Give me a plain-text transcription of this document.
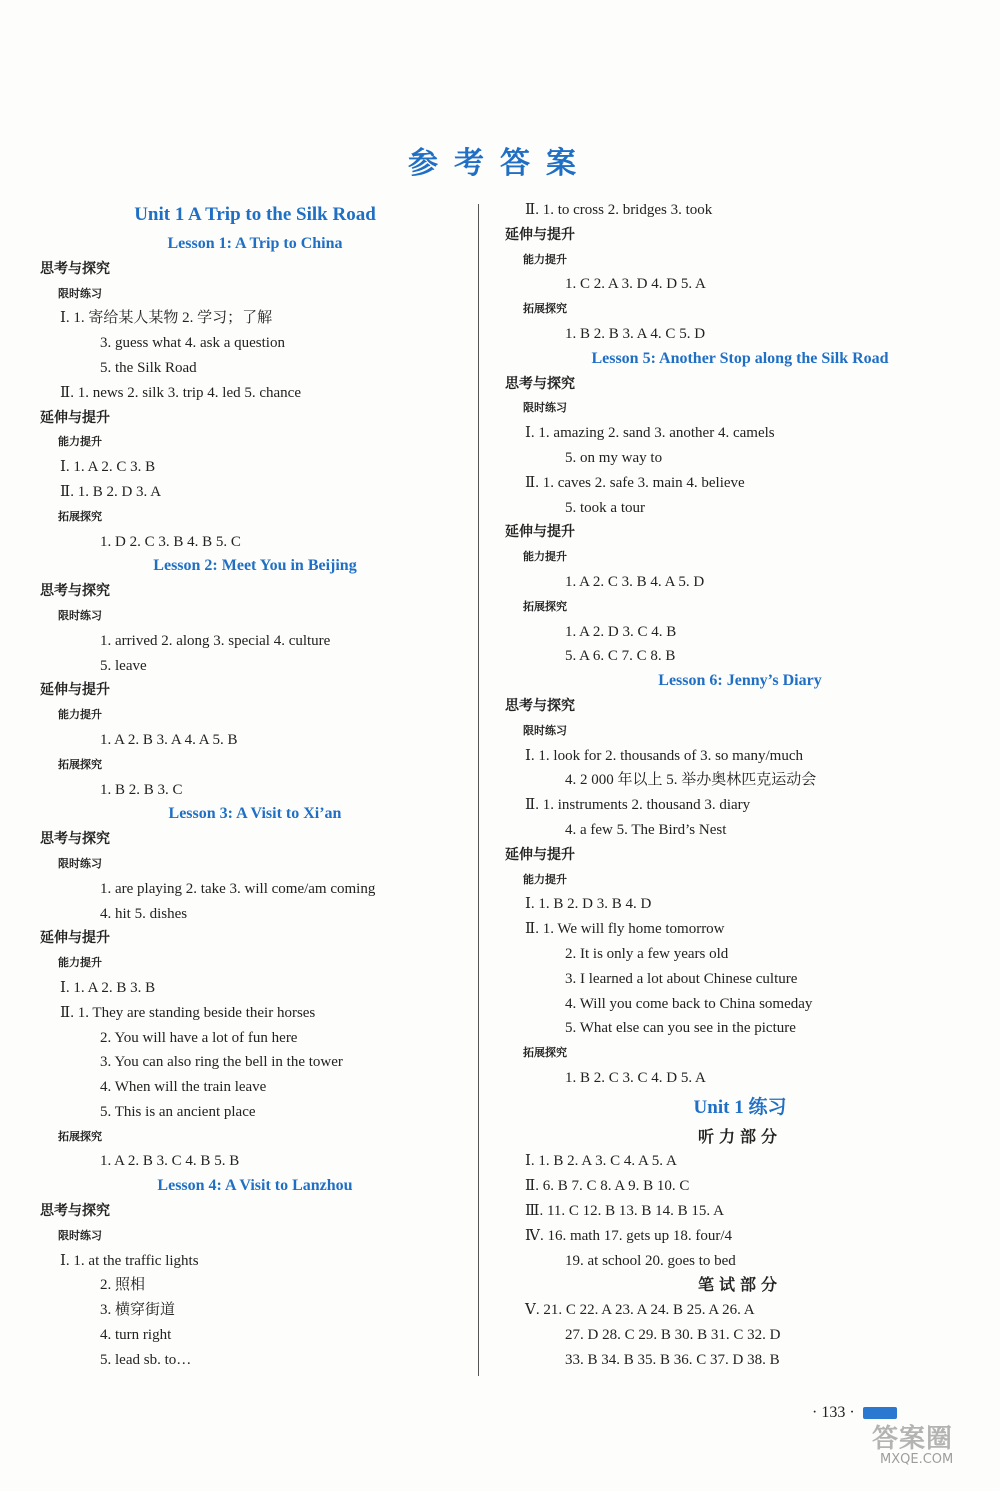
参考答案
Unit 1 A Trip to the Silk Road
Lesson 1: A Trip to China
思考与探究
限时练习
Ⅰ. 1. 寄给某人某物 2. 学习；了解
3. guess what 4. ask a question
5. the Silk Road
Ⅱ. 1. news 2. silk 3. trip 4. led 5. chance
延伸与提升
能力提升
Ⅰ. 1. A 2. C 3. B
Ⅱ. 1. B 2. D 3. A
拓展探究
1. D 2. C 3. B 4. B 5. C
Lesson 2: Meet You in Beijing
思考与探究
限时练习
1. arrived 2. along 3. special 4. culture
5. leave
延伸与提升
能力提升
1. A 2. B 3. A 4. A 5. B
拓展探究
1. B 2. B 3. C
Lesson 3: A Visit to Xi’an
思考与探究
限时练习
1. are playing 2. take 3. will come/am coming
4. hit 5. dishes
延伸与提升
能力提升
Ⅰ. 1. A 2. B 3. B
Ⅱ. 1. They are standing beside their horses
2. You will have a lot of fun here
3. You can also ring the bell in the tower
4. When will the train leave
5. This is an ancient place
拓展探究
1. A 2. B 3. C 4. B 5. B
Lesson 4: A Visit to Lanzhou
思考与探究
限时练习
Ⅰ. 1. at the traffic lights
2. 照相
3. 横穿街道
4. turn right
5. lead sb. to…
Ⅱ. 1. to cross 2. bridges 3. took
延伸与提升
能力提升
1. C 2. A 3. D 4. D 5. A
拓展探究
1. B 2. B 3. A 4. C 5. D
Lesson 5: Another Stop along the Silk Road
思考与探究
限时练习
Ⅰ. 1. amazing 2. sand 3. another 4. camels
5. on my way to
Ⅱ. 1. caves 2. safe 3. main 4. believe
5. took a tour
延伸与提升
能力提升
1. A 2. C 3. B 4. A 5. D
拓展探究
1. A 2. D 3. C 4. B
5. A 6. C 7. C 8. B
Lesson 6: Jenny’s Diary
思考与探究
限时练习
Ⅰ. 1. look for 2. thousands of 3. so many/much
4. 2 000 年以上 5. 举办奥林匹克运动会
Ⅱ. 1. instruments 2. thousand 3. diary
4. a few 5. The Bird’s Nest
延伸与提升
能力提升
Ⅰ. 1. B 2. D 3. B 4. D
Ⅱ. 1. We will fly home tomorrow
2. It is only a few years old
3. I learned a lot about Chinese culture
4. Will you come back to China someday
5. What else can you see in the picture
拓展探究
1. B 2. C 3. C 4. D 5. A
Unit 1 练习
听力部分
Ⅰ. 1. B 2. A 3. C 4. A 5. A
Ⅱ. 6. B 7. C 8. A 9. B 10. C
Ⅲ. 11. C 12. B 13. B 14. B 15. A
Ⅳ. 16. math 17. gets up 18. four/4
19. at school 20. goes to bed
笔试部分
Ⅴ. 21. C 22. A 23. A 24. B 25. A 26. A
27. D 28. C 29. B 30. B 31. C 32. D
33. B 34. B 35. B 36. C 37. D 38. B
· 133 ·
答案圈
MXQE.COM
